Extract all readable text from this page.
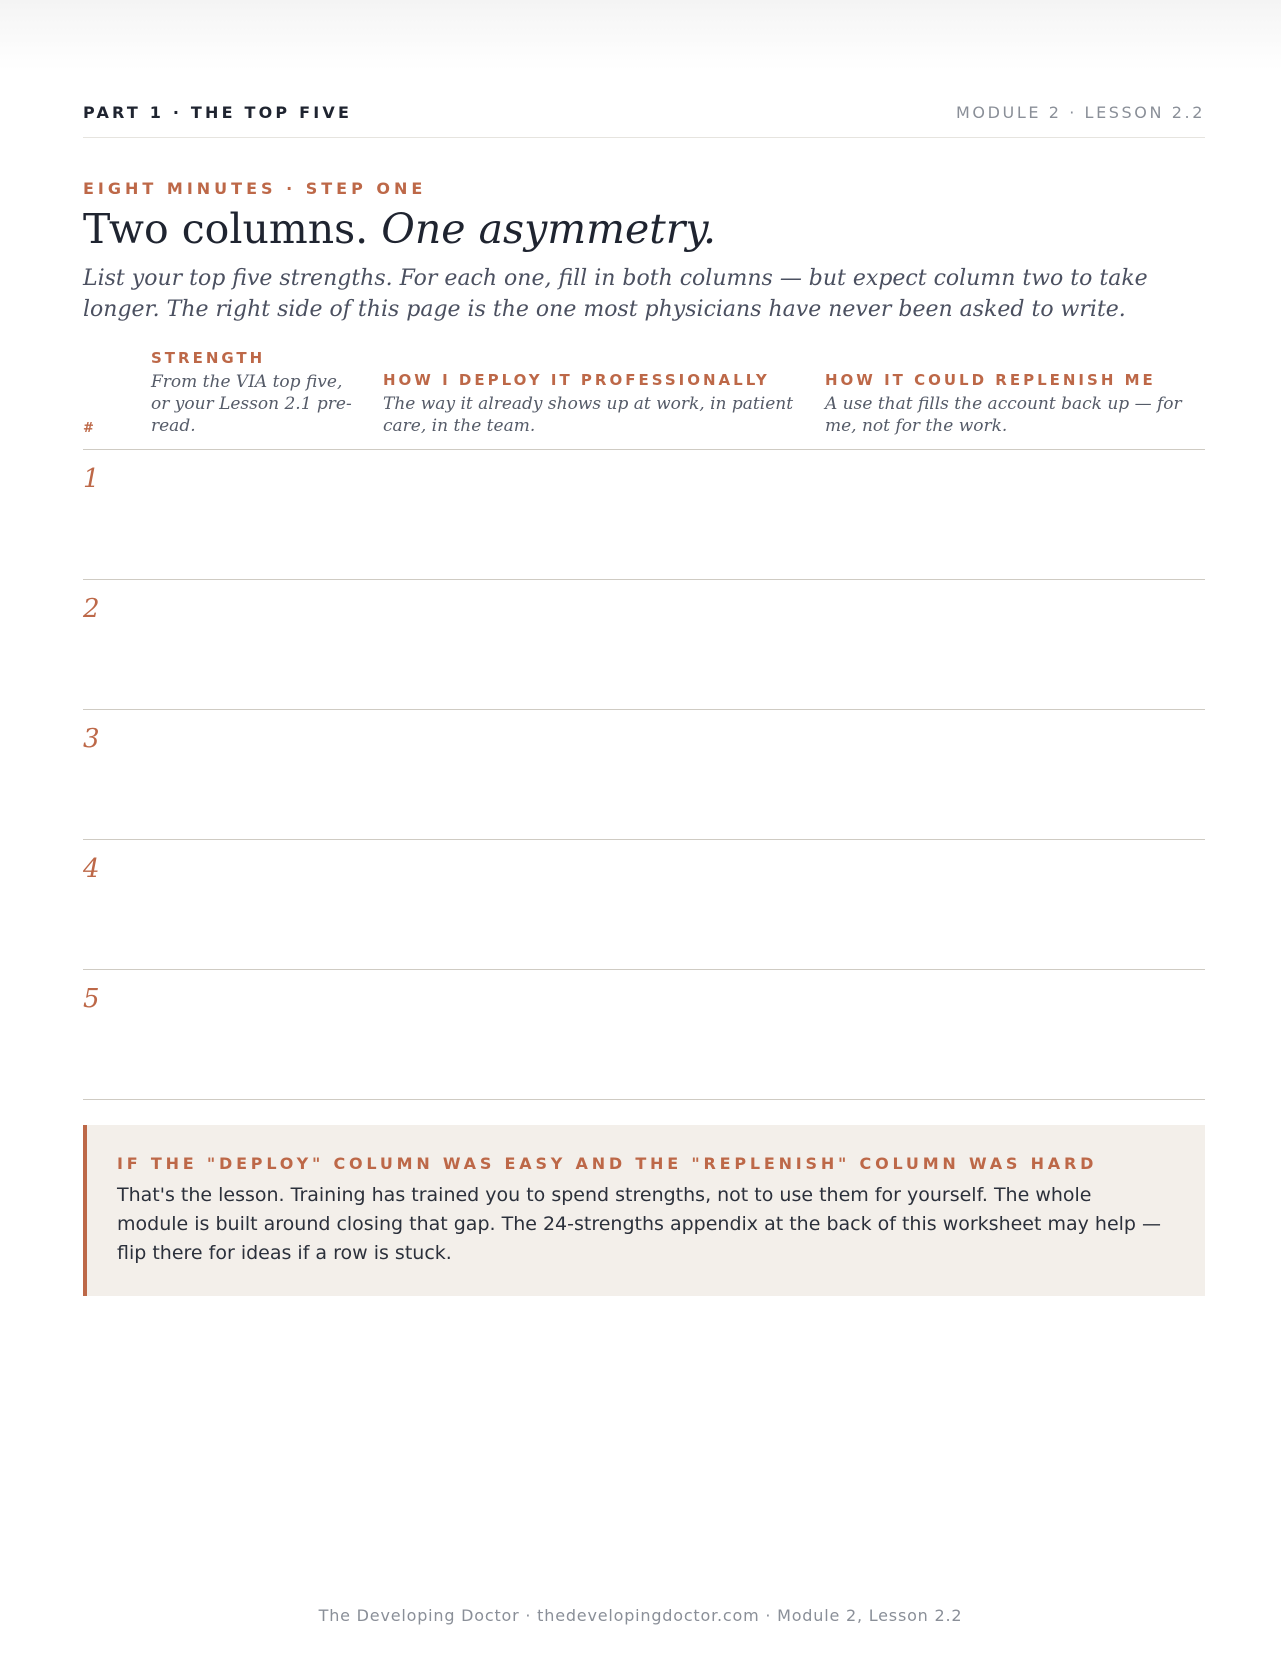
PART 1 · THE TOP FIVE	MODULE 2 · LESSON 2.2
EIGHT MINUTES · STEP ONE
Two columns. One asymmetry.
List your top five strengths. For each one, fill in both columns — but expect column two to take longer. The right side of this page is the one most physicians have never been asked to write.
#
STRENGTH
From the VIA top five, or your Lesson 2.1 pre-read.
HOW I DEPLOY IT PROFESSIONALLY
The way it already shows up at work, in patient care, in the team.
HOW IT COULD REPLENISH ME
A use that fills the account back up — for me, not for the work.
1
2
3
4
5
IF THE "DEPLOY" COLUMN WAS EASY AND THE "REPLENISH" COLUMN WAS HARD
That's the lesson. Training has trained you to spend strengths, not to use them for yourself. The whole module is built around closing that gap. The 24-strengths appendix at the back of this worksheet may help — flip there for ideas if a row is stuck.
The Developing Doctor · thedevelopingdoctor.com · Module 2, Lesson 2.2
